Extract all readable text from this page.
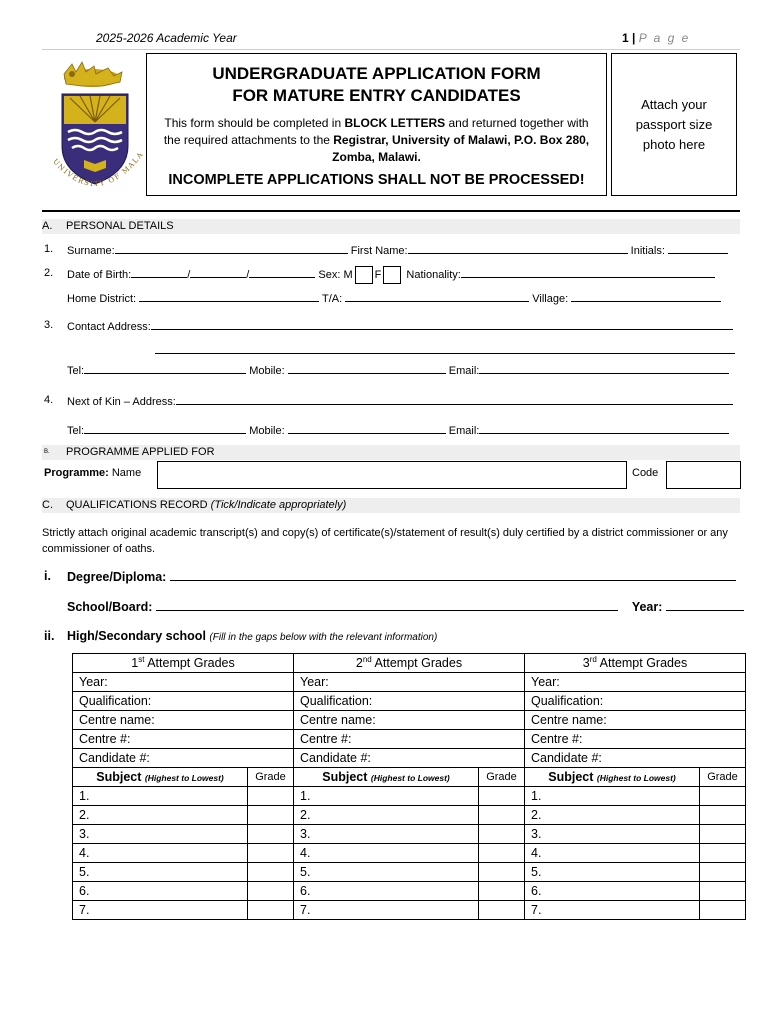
2025-2026 Academic Year	1 | P a g e
UNIVERSITY OF MALA
UNDERGRADUATE APPLICATION FORM
FOR MATURE ENTRY CANDIDATES
This form should be completed in BLOCK LETTERS and returned together with the required attachments to the Registrar, University of Malawi, P.O. Box 280, Zomba, Malawi.
INCOMPLETE APPLICATIONS SHALL NOT BE PROCESSED!
Attach your passport size photo here
A. PERSONAL DETAILS
1. Surname:	First Name:	Initials:
2. Date of Birth:	/	/	Sex: M F Nationality:
Home District:	T/A:	Village:
3. Contact Address:
Tel:	Mobile:	Email:
4. Next of Kin – Address:
Tel:	Mobile:	Email:
B. PROGRAMME APPLIED FOR
Programme: Name	Code
C. QUALIFICATIONS RECORD (Tick/Indicate appropriately)
Strictly attach original academic transcript(s) and copy(s) of certificate(s)/statement of result(s) duly certified by a district commissioner or any commissioner of oaths.
i. Degree/Diploma:
School/Board:	Year:
ii. High/Secondary school (Fill in the gaps below with the relevant information)
1st Attempt Grades		2nd Attempt Grades		3rd Attempt Grades	
Year:		Year:		Year:	
Qualification:		Qualification:		Qualification:	
Centre name:		Centre name:		Centre name:	
Centre #:		Centre #:		Centre #:	
Candidate #:		Candidate #:		Candidate #:	
Subject (Highest to Lowest)	Grade	Subject (Highest to Lowest)	Grade	Subject (Highest to Lowest)	Grade
1.		1.		1.	
2.		2.		2.	
3.		3.		3.	
4.		4.		4.	
5.		5.		5.	
6.		6.		6.	
7.		7.		7.	
